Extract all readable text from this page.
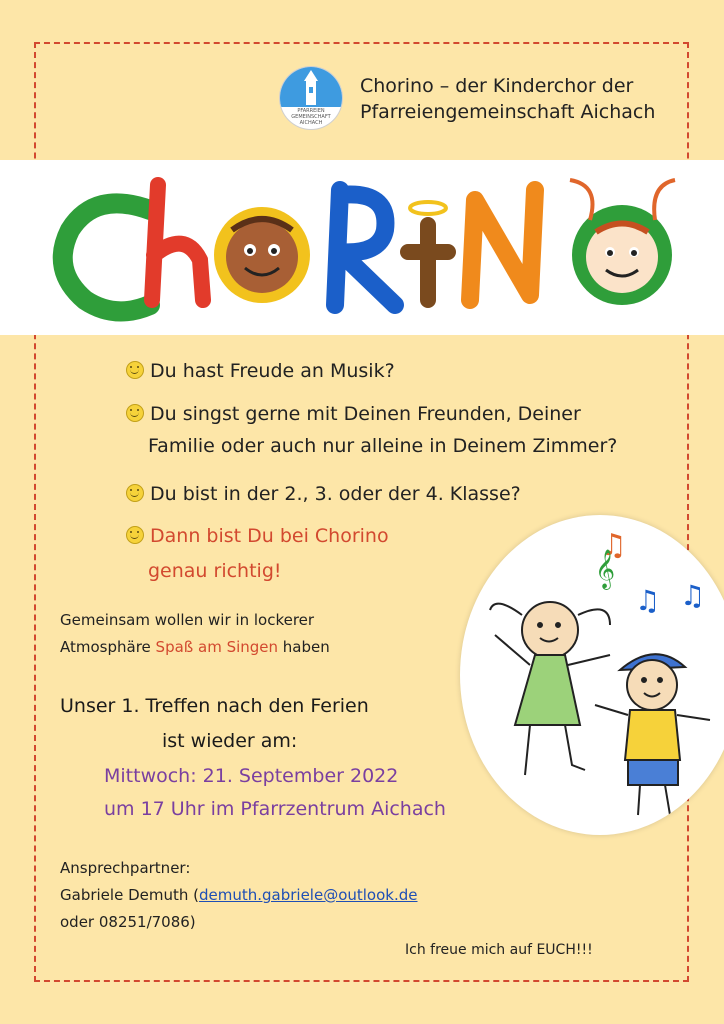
PFARREIEN
GEMEINSCHAFT
AICHACH
Chorino – der Kinderchor der
Pfarreiengemeinschaft Aichach
Du hast Freude an Musik?
Du singst gerne mit Deinen Freunden, Deiner
Familie oder auch nur alleine in Deinem Zimmer?
Du bist in der 2., 3. oder der 4. Klasse?
Dann bist Du bei Chorino
genau richtig!
Gemeinsam wollen wir in lockerer
Atmosphäre Spaß am Singen haben
Unser 1. Treffen nach den Ferien
ist wieder am:
Mittwoch: 21. September 2022
um 17 Uhr im Pfarrzentrum Aichach
Ansprechpartner:
Gabriele Demuth (demuth.gabriele@outlook.de
oder 08251/7086)
Ich freue mich auf EUCH!!!
♫
𝄞
♫ ♫
